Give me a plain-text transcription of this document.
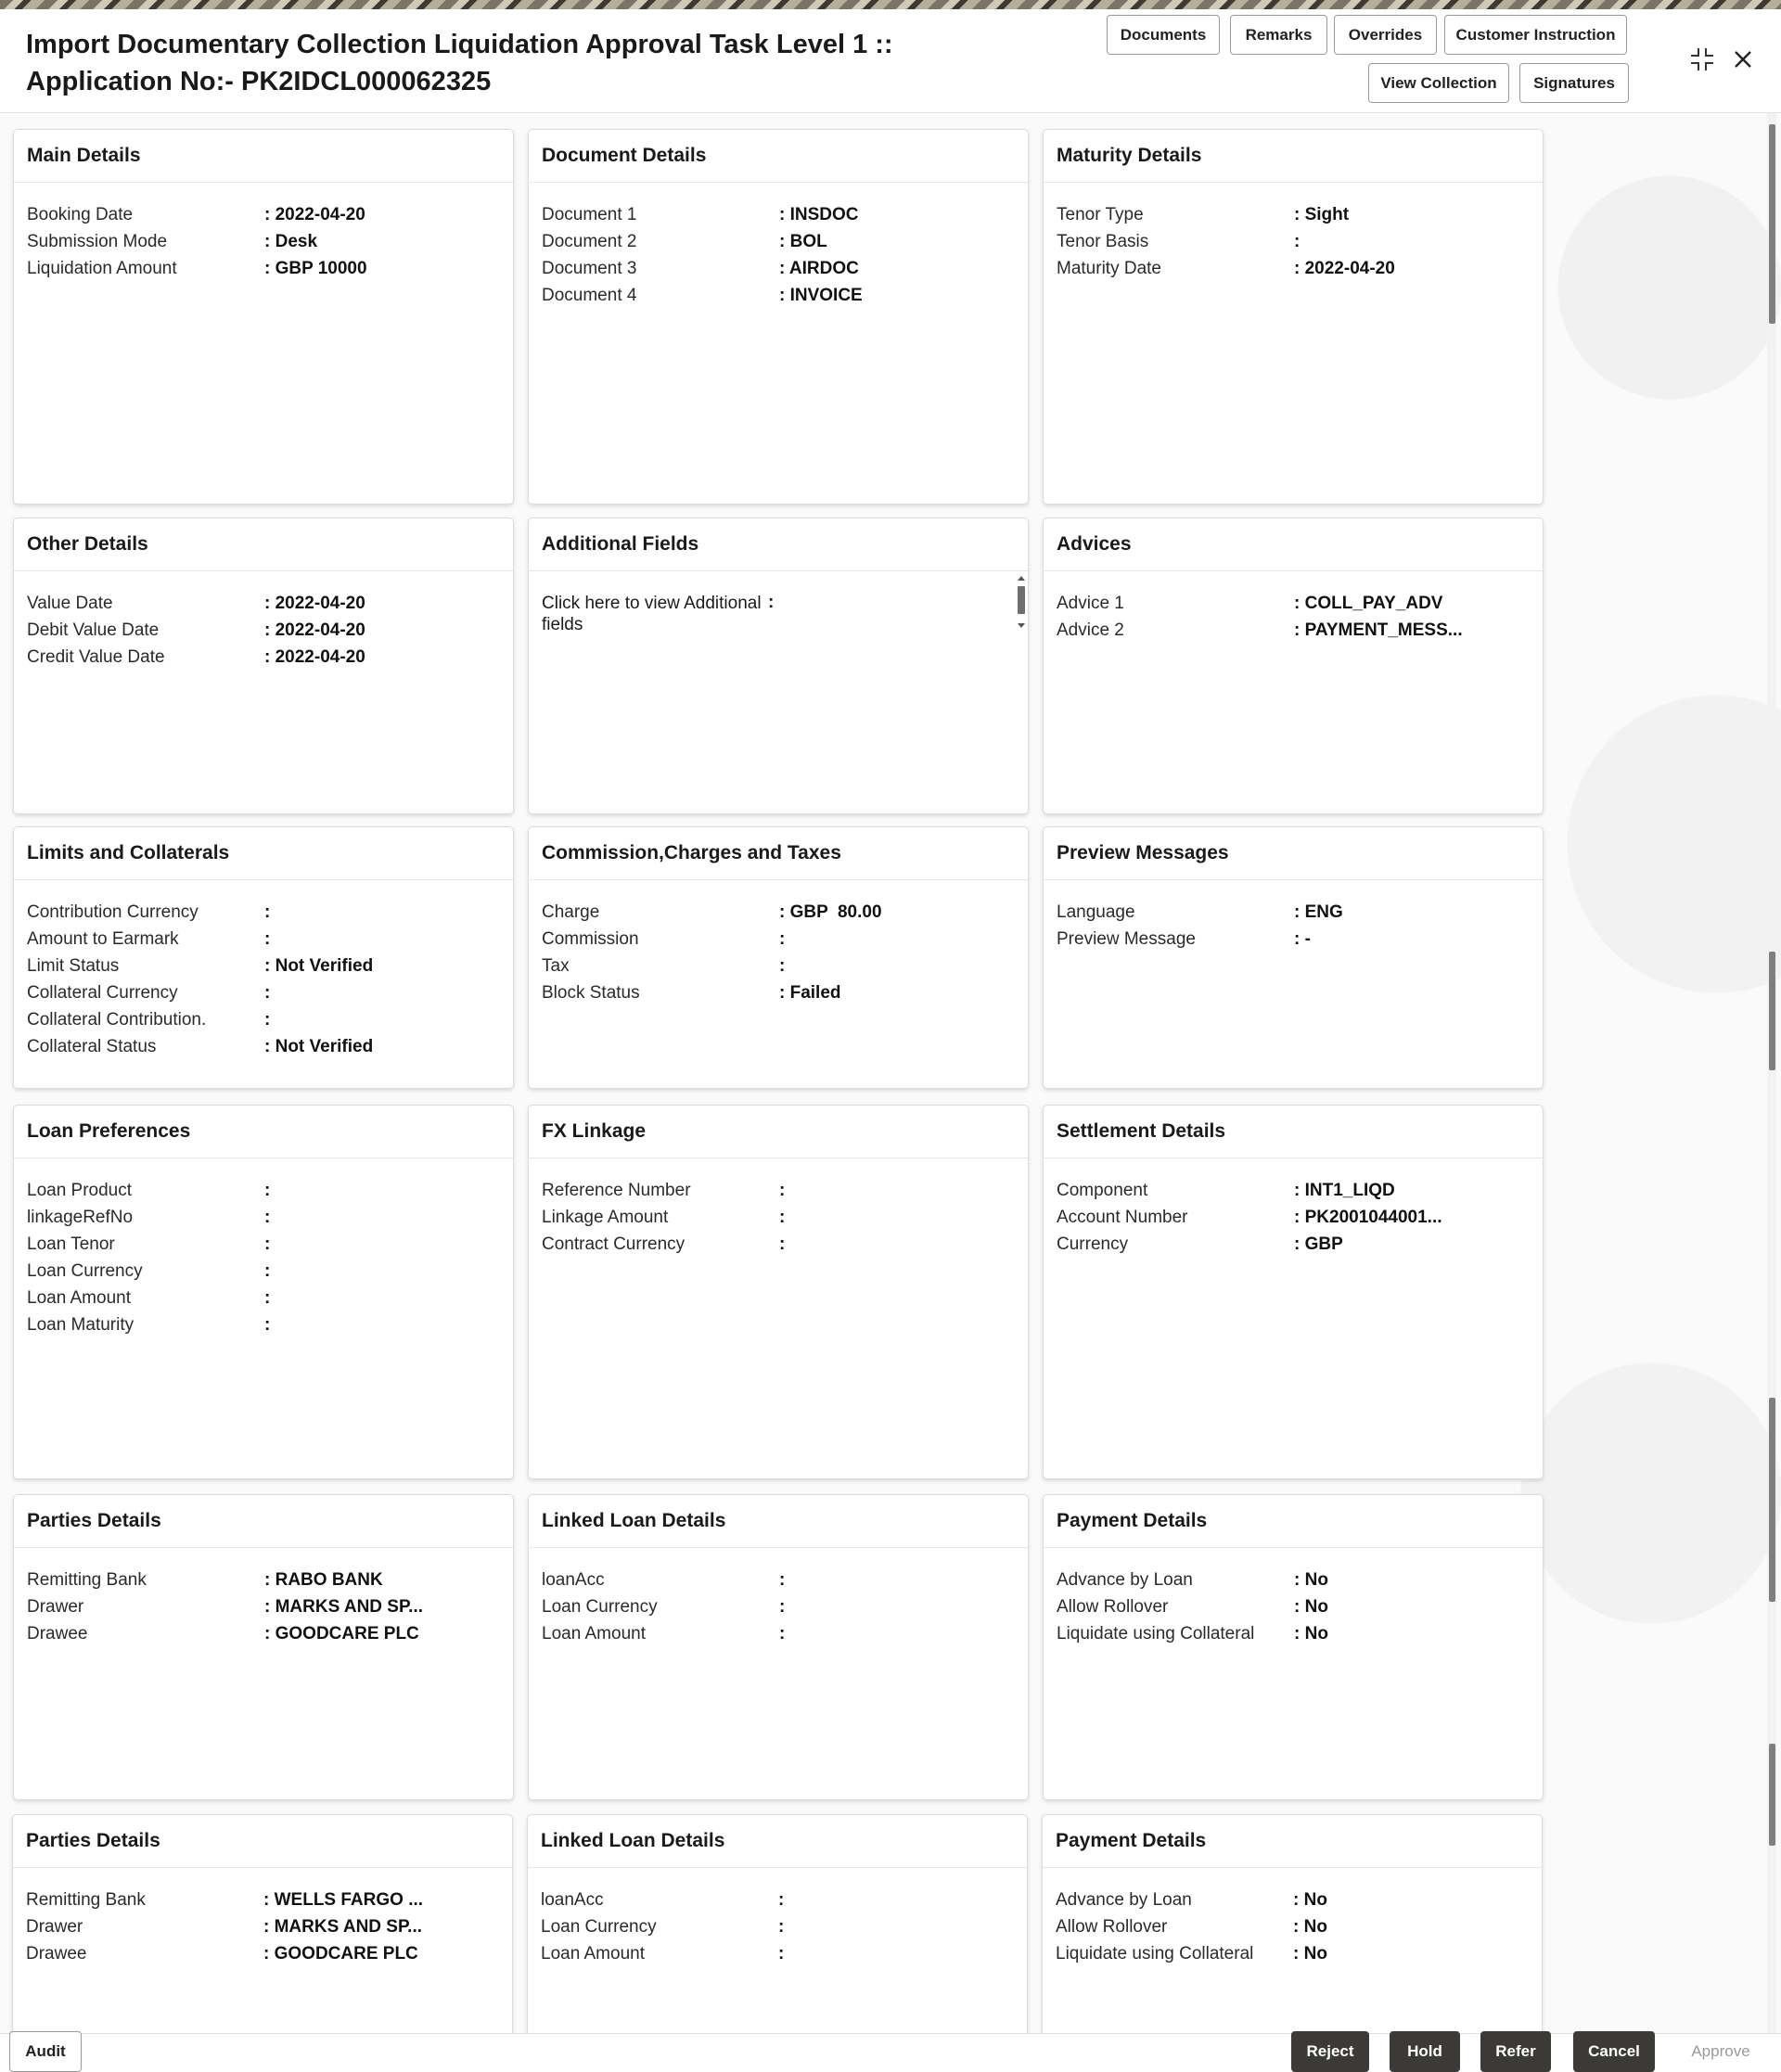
Import Documentary Collection Liquidation Approval Task Level 1 ::
Application No:- PK2IDCL000062325
Documents	Remarks	Overrides	Customer Instruction
View Collection	Signatures
Main Details
Booking Date	: 2022-04-20
Submission Mode	: Desk
Liquidation Amount	: GBP 10000
Document Details
Document 1	: INSDOC
Document 2	: BOL
Document 3	: AIRDOC
Document 4	: INVOICE
Maturity Details
Tenor Type	: Sight
Tenor Basis	:
Maturity Date	: 2022-04-20
Other Details
Value Date	: 2022-04-20
Debit Value Date	: 2022-04-20
Credit Value Date	: 2022-04-20
Additional Fields
Click here to view Additional
fields
:
Advices
Advice 1	: COLL_PAY_ADV
Advice 2	: PAYMENT_MESS...
Limits and Collaterals
Contribution Currency	:
Amount to Earmark	:
Limit Status	: Not Verified
Collateral Currency	:
Collateral Contribution.	:
Collateral Status	: Not Verified
Commission,Charges and Taxes
Charge	: GBP  80.00
Commission	:
Tax	:
Block Status	: Failed
Preview Messages
Language	: ENG
Preview Message	: -
Loan Preferences
Loan Product	:
linkageRefNo	:
Loan Tenor	:
Loan Currency	:
Loan Amount	:
Loan Maturity	:
FX Linkage
Reference Number	:
Linkage Amount	:
Contract Currency	:
Settlement Details
Component	: INT1_LIQD
Account Number	: PK2001044001...
Currency	: GBP
Parties Details
Remitting Bank	: RABO BANK
Drawer	: MARKS AND SP...
Drawee	: GOODCARE PLC
Linked Loan Details
loanAcc	:
Loan Currency	:
Loan Amount	:
Payment Details
Advance by Loan	: No
Allow Rollover	: No
Liquidate using Collateral	: No
Parties Details
Remitting Bank	: WELLS FARGO ...
Drawer	: MARKS AND SP...
Drawee	: GOODCARE PLC
Linked Loan Details
loanAcc	:
Loan Currency	:
Loan Amount	:
Payment Details
Advance by Loan	: No
Allow Rollover	: No
Liquidate using Collateral	: No
Audit	Reject	Hold	Refer	Cancel	Approve
